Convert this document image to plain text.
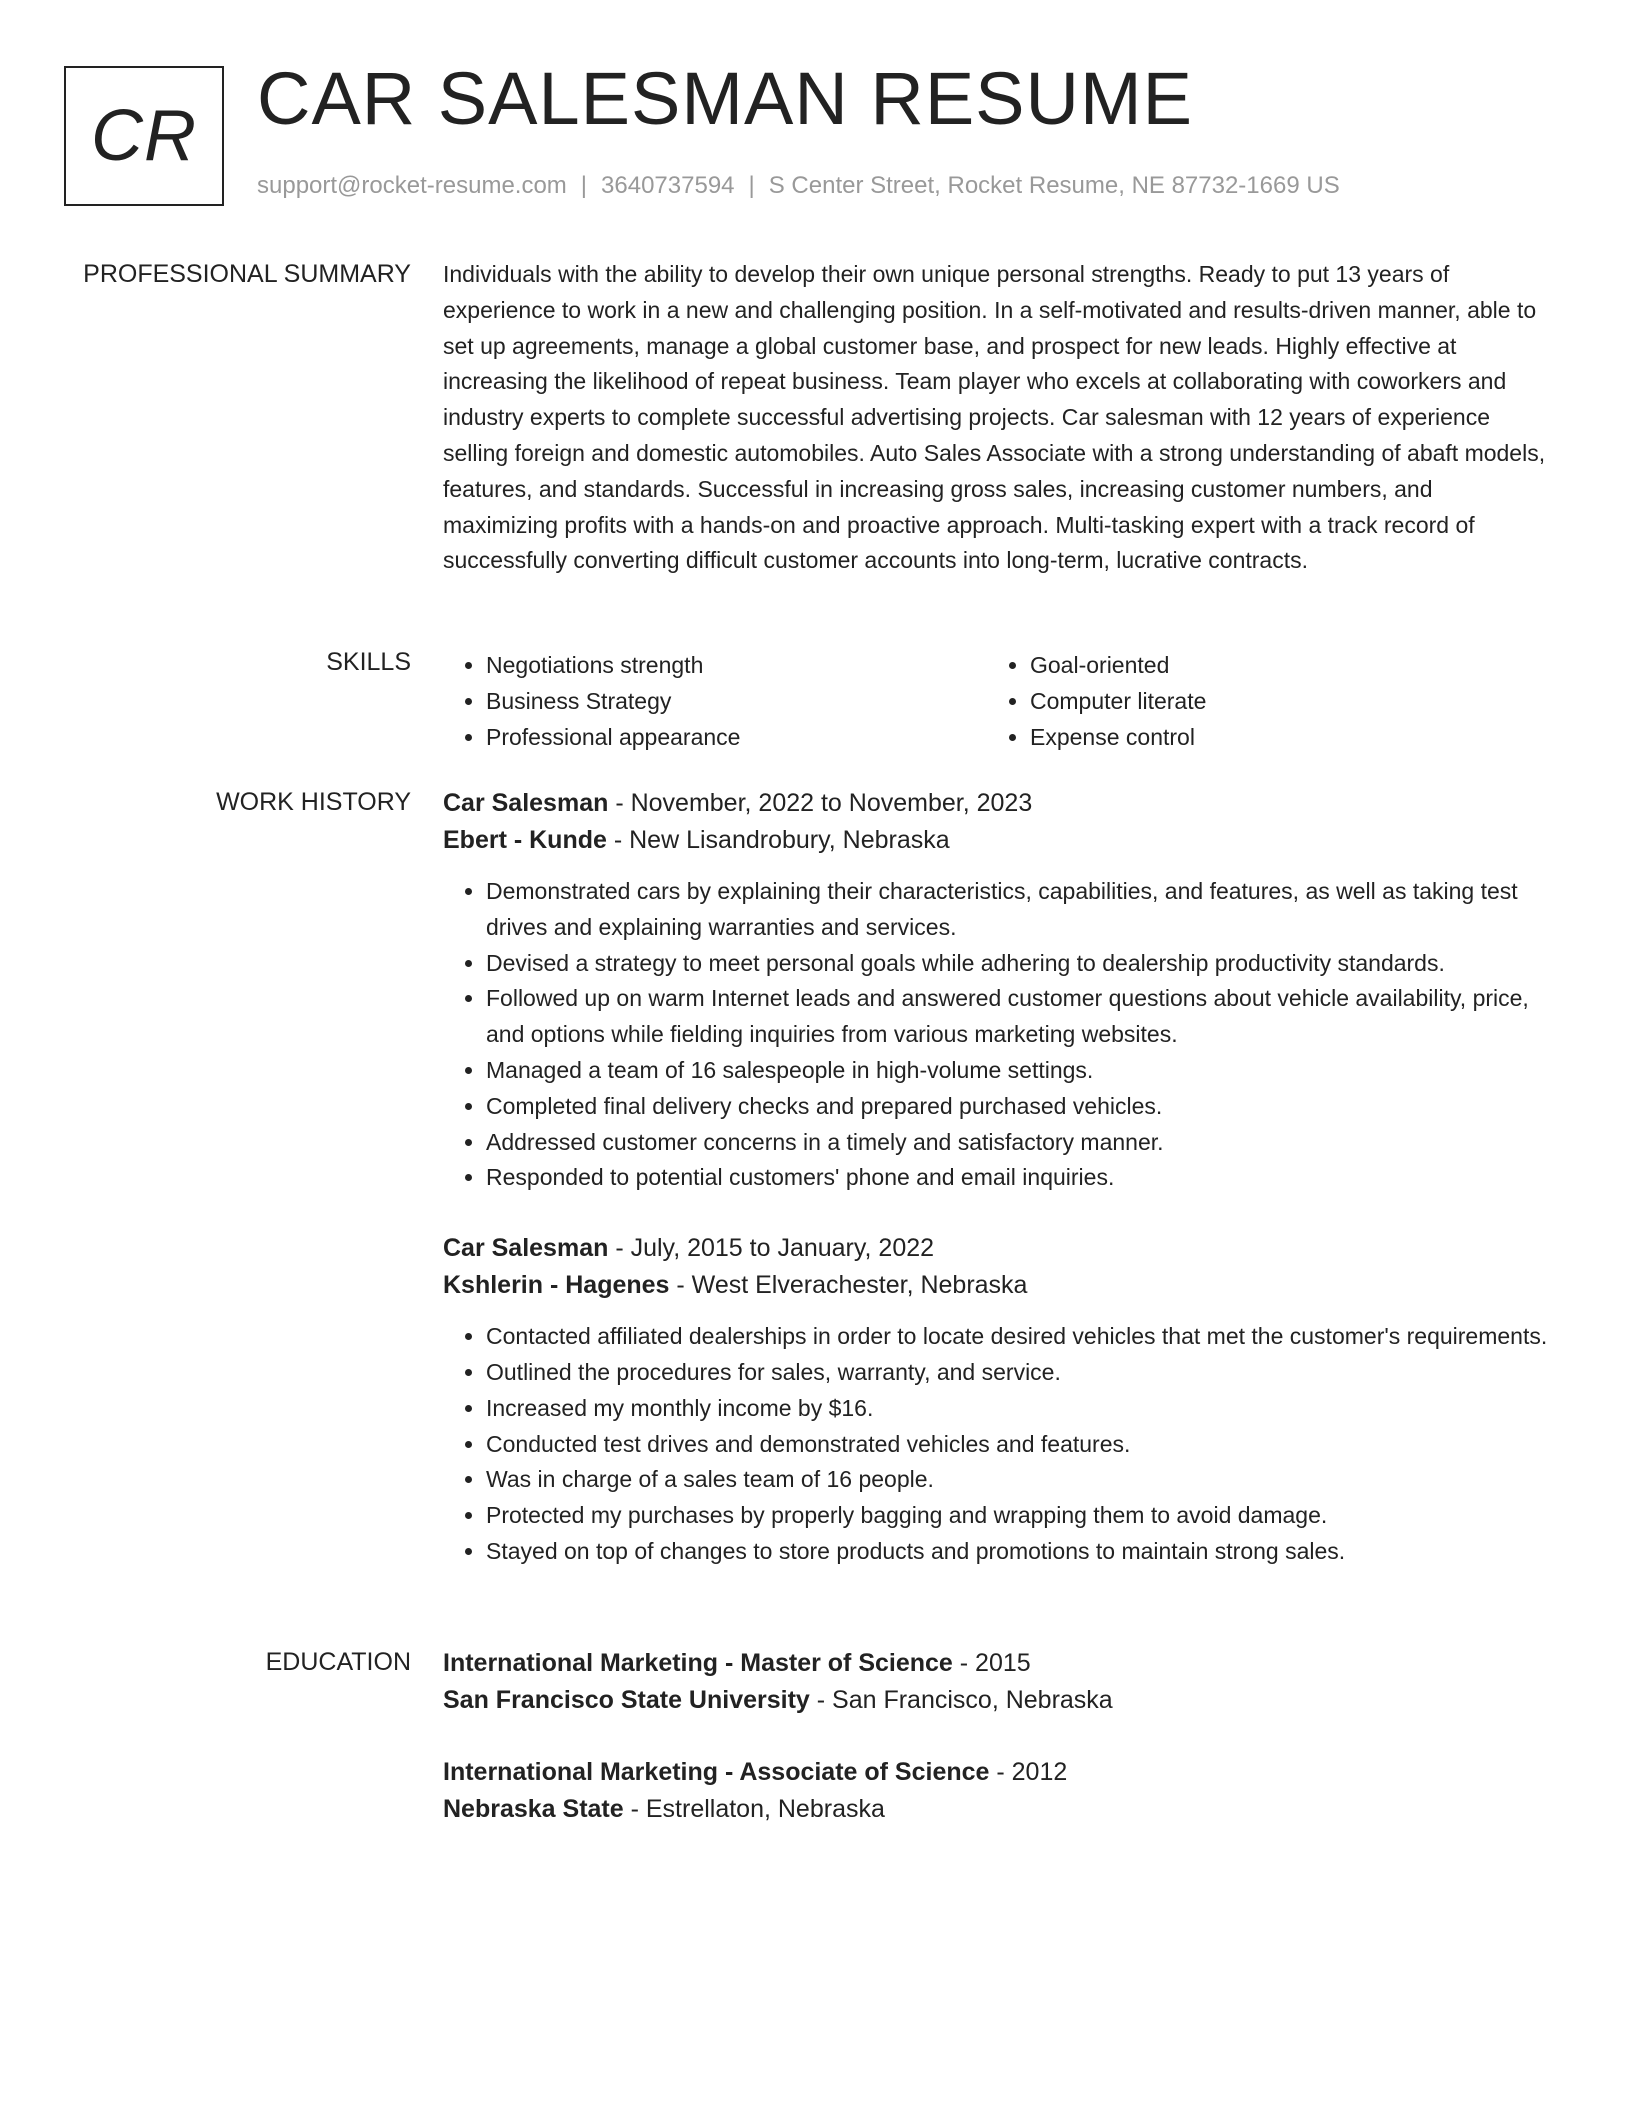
CR CAR SALESMAN RESUME
support@rocket-resume.com | 3640737594 | S Center Street, Rocket Resume, NE 87732-1669 US
PROFESSIONAL SUMMARY Individuals with the ability to develop their own unique personal strengths. Ready to put 13 years of experience to work in a new and challenging position. In a self-motivated and results-driven manner, able to set up agreements, manage a global customer base, and prospect for new leads. Highly effective at increasing the likelihood of repeat business. Team player who excels at collaborating with coworkers and industry experts to complete successful advertising projects. Car salesman with 12 years of experience selling foreign and domestic automobiles. Auto Sales Associate with a strong understanding of abaft models, features, and standards. Successful in increasing gross sales, increasing customer numbers, and maximizing profits with a hands-on and proactive approach. Multi-tasking expert with a track record of successfully converting difficult customer accounts into long-term, lucrative contracts.

SKILLS
•	Negotiations strength
• Business Strategy
• Professional appearance
• Goal-oriented
• Computer literate
• Expense control
WORK HISTORY Car Salesman - November, 2022 to November, 2023
Ebert - Kunde - New Lisandrobury, Nebraska
• Demonstrated cars by explaining their characteristics, capabilities, and features, as well as taking test drives and explaining warranties and services.
• Devised a strategy to meet personal goals while adhering to dealership productivity standards.
• Followed up on warm Internet leads and answered customer questions about vehicle availability, price, and options while fielding inquiries from various marketing websites.
• Managed a team of 16 salespeople in high-volume settings.
• Completed final delivery checks and prepared purchased vehicles.
• Addressed customer concerns in a timely and satisfactory manner.
• Responded to potential customers' phone and email inquiries.
Car Salesman - July, 2015 to January, 2022
Kshlerin - Hagenes - West Elverachester, Nebraska
• Contacted affiliated dealerships in order to locate desired vehicles that met the customer's requirements.
• Outlined the procedures for sales, warranty, and service.
• Increased my monthly income by $16.
• Conducted test drives and demonstrated vehicles and features.
• Was in charge of a sales team of 16 people.
• Protected my purchases by properly bagging and wrapping them to avoid damage.
• Stayed on top of changes to store products and promotions to maintain strong sales.
EDUCATION International Marketing - Master of Science - 2015
San Francisco State University - San Francisco, Nebraska
International Marketing - Associate of Science - 2012
Nebraska State - Estrellaton, Nebraska
